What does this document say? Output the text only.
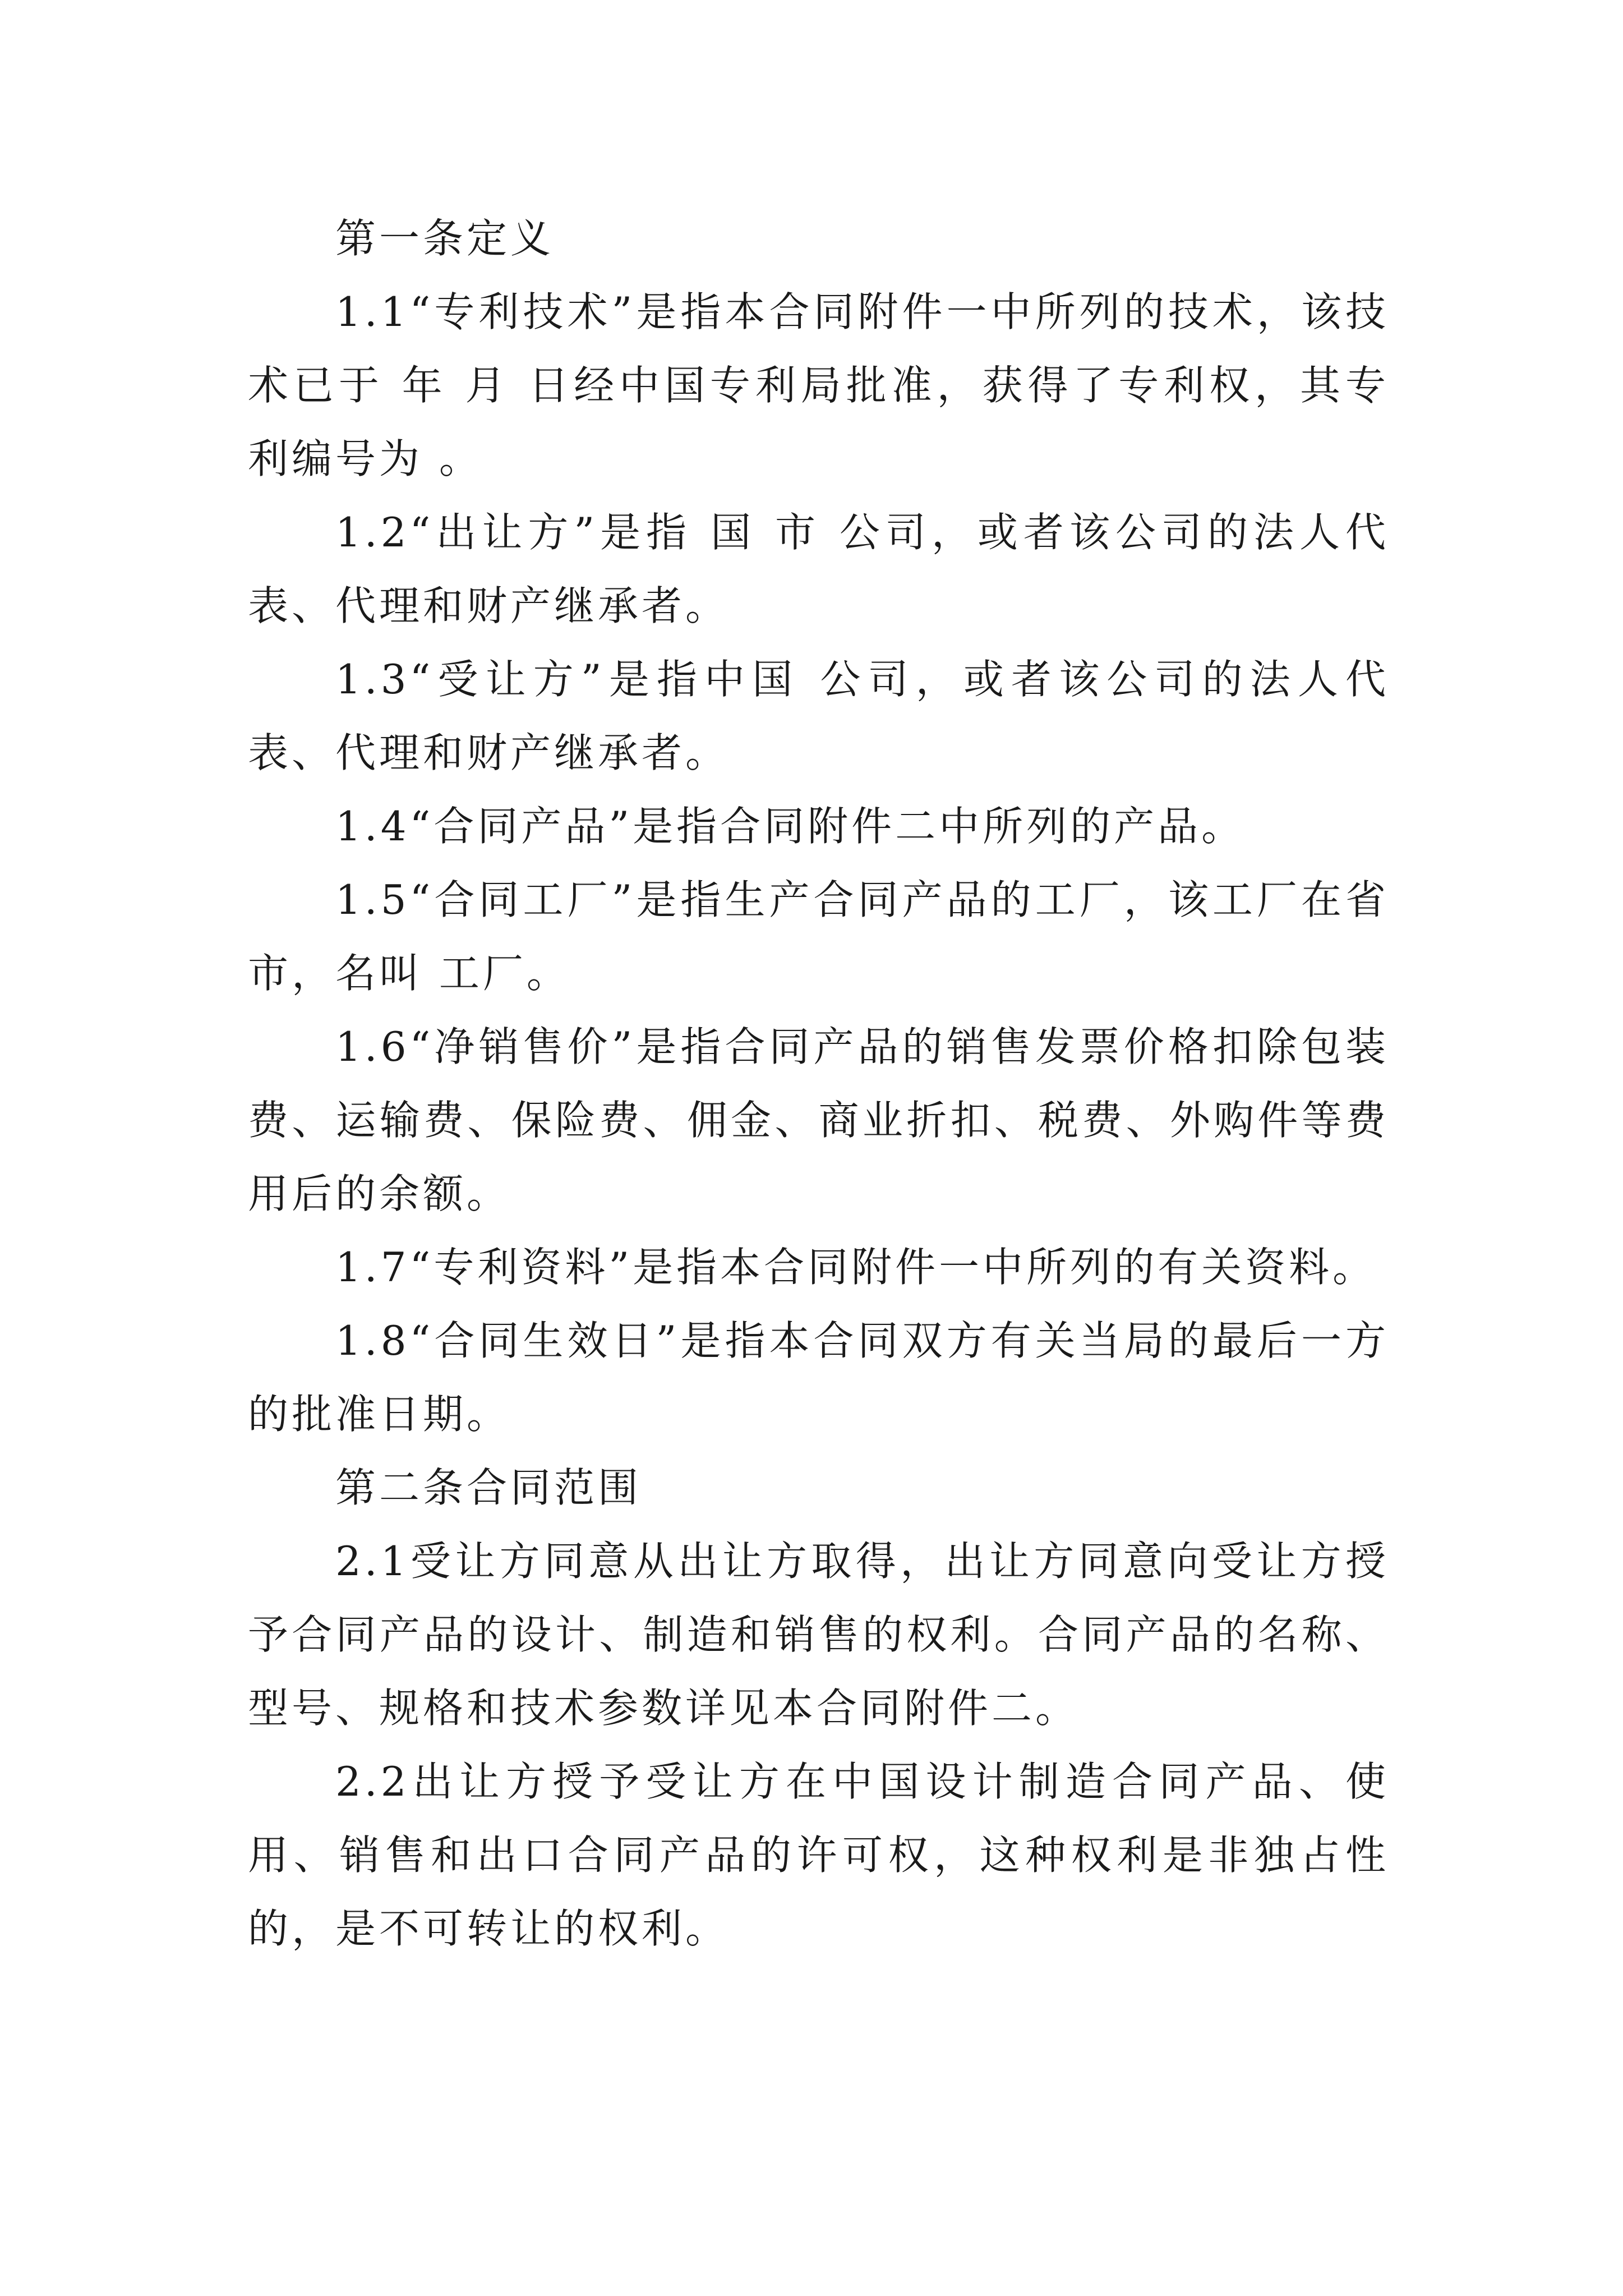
第一条定义

1.1“专利技术”是指本合同附件一中所列的技术，该技术已于 年 月 日经中国专利局批准，获得了专利权，其专利编号为 。

1.2“出让方”是指 国 市 公司，或者该公司的法人代表、代理和财产继承者。

1.3“受让方”是指中国 公司，或者该公司的法人代表、代理和财产继承者。

1.4“合同产品”是指合同附件二中所列的产品。

1.5“合同工厂”是指生产合同产品的工厂，该工厂在省 市，名叫 工厂。

1.6“净销售价”是指合同产品的销售发票价格扣除包装费、运输费、保险费、佣金、商业折扣、税费、外购件等费用后的余额。

1.7“专利资料”是指本合同附件一中所列的有关资料。

1.8“合同生效日”是指本合同双方有关当局的最后一方的批准日期。

第二条合同范围

2.1受让方同意从出让方取得，出让方同意向受让方授予合同产品的设计、制造和销售的权利。合同产品的名称、型号、规格和技术参数详见本合同附件二。

2.2出让方授予受让方在中国设计制造合同产品、使用、销售和出口合同产品的许可权，这种权利是非独占性的，是不可转让的权利。
